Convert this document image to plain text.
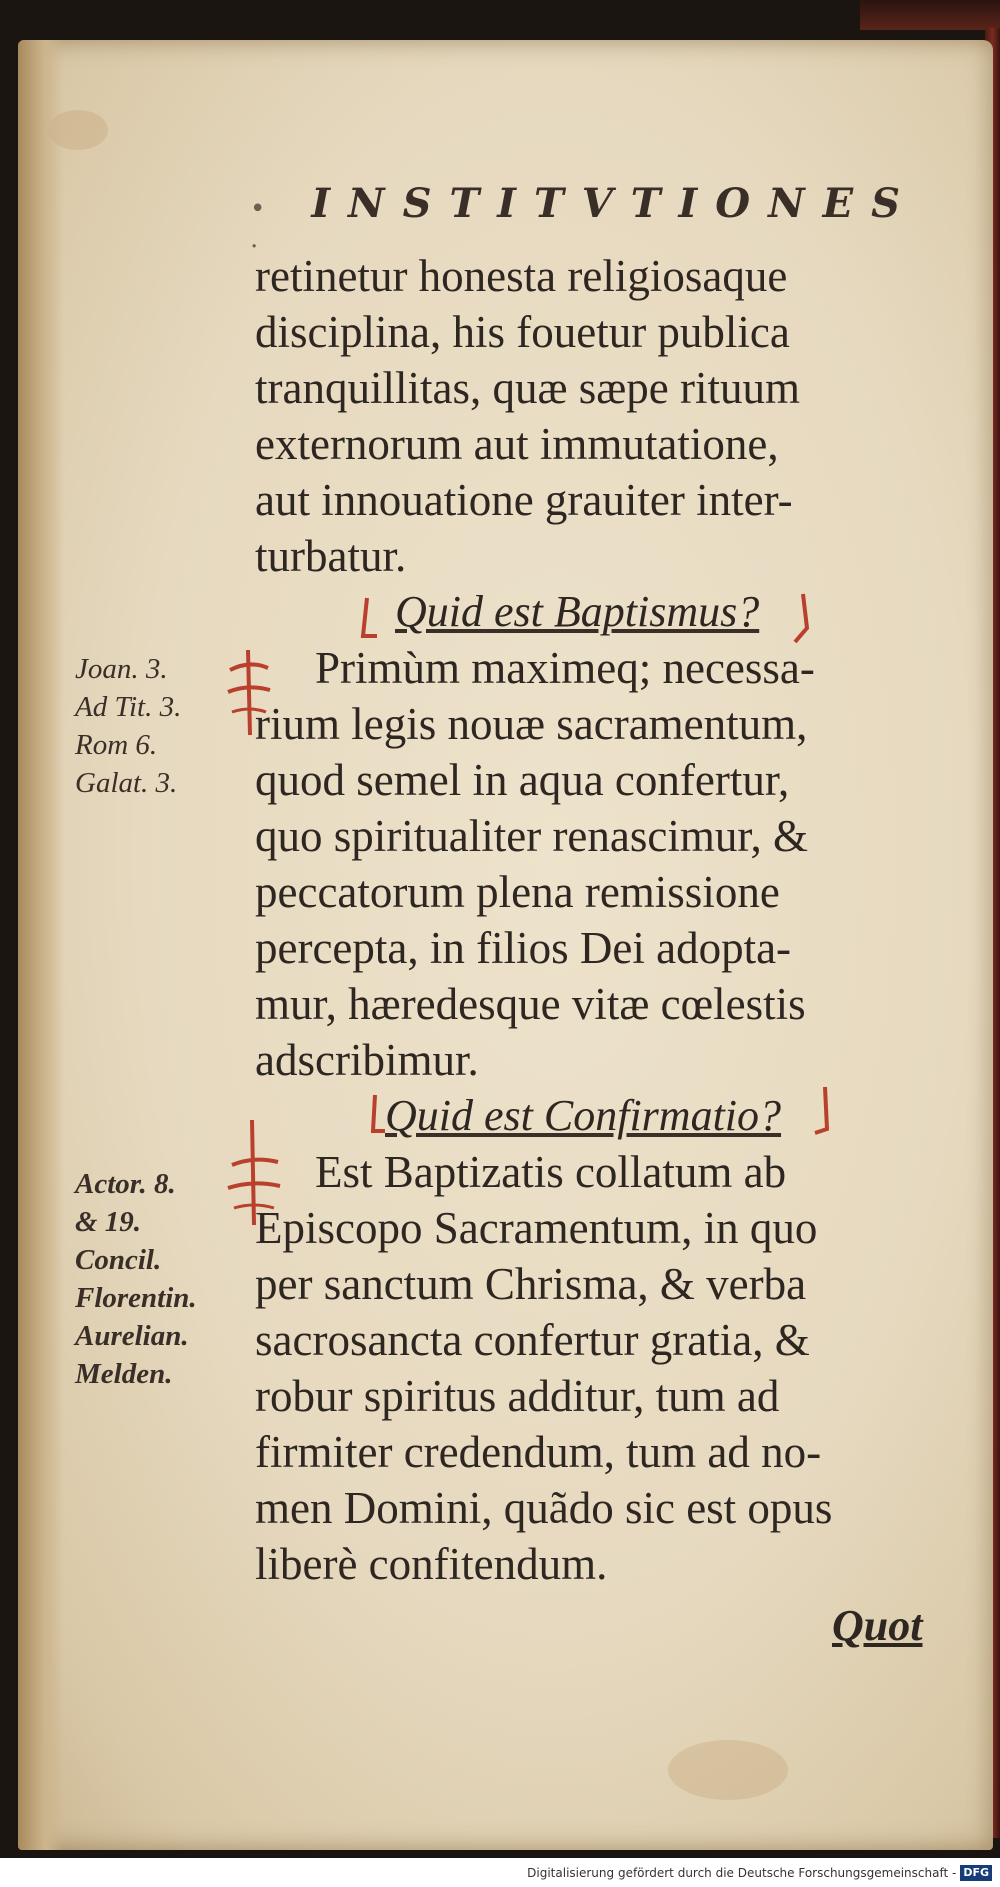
• .
INSTITVTIONES
retinetur honesta religiosaque
disciplina, his fouetur publica
tranquillitas, quæ sæpe rituum
externorum aut immutatione,
aut innouatione grauiter inter-
turbatur.
Quid est Baptismus?
Primùm maximeq; necessa-
rium legis nouæ sacramentum,
quod semel in aqua confertur,
quo spiritualiter renascimur, &
peccatorum plena remissione
percepta, in filios Dei adopta-
mur, hæredesque vitæ cœlestis
adscribimur.
Quid est Confirmatio?
Est Baptizatis collatum ab
Episcopo Sacramentum, in quo
per sanctum Chrisma, & verba
sacrosancta confertur gratia, &
robur spiritus additur, tum ad
firmiter credendum, tum ad no-
men Domini, quãdo sic est opus
liberè confitendum.
Joan. 3.
Ad Tit. 3.
Rom 6.
Galat. 3.
Actor. 8.
& 19.
Concil.
Florentin.
Aurelian.
Melden.
Quot
Digitalisierung gefördert durch die Deutsche Forschungsgemeinschaft - DFG
